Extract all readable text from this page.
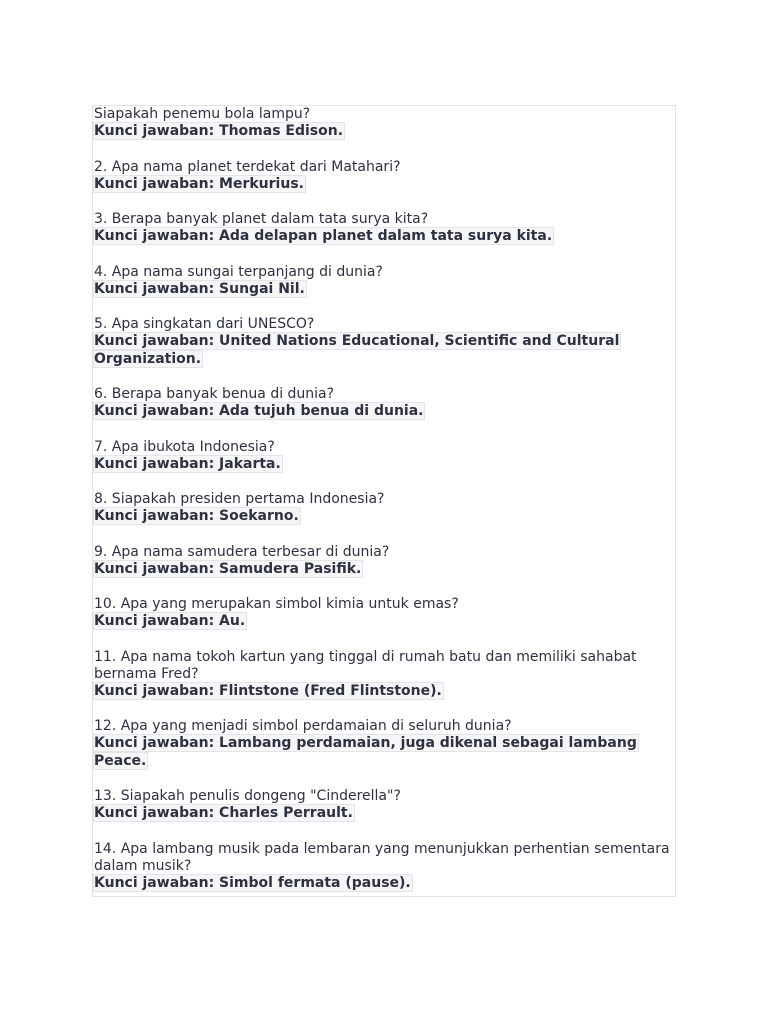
Siapakah penemu bola lampu?
Kunci jawaban: Thomas Edison.
2. Apa nama planet terdekat dari Matahari?
Kunci jawaban: Merkurius.
3. Berapa banyak planet dalam tata surya kita?
Kunci jawaban: Ada delapan planet dalam tata surya kita.
4. Apa nama sungai terpanjang di dunia?
Kunci jawaban: Sungai Nil.
5. Apa singkatan dari UNESCO?
Kunci jawaban: United Nations Educational, Scientific and Cultural Organization.
6. Berapa banyak benua di dunia?
Kunci jawaban: Ada tujuh benua di dunia.
7. Apa ibukota Indonesia?
Kunci jawaban: Jakarta.
8. Siapakah presiden pertama Indonesia?
Kunci jawaban: Soekarno.
9. Apa nama samudera terbesar di dunia?
Kunci jawaban: Samudera Pasifik.
10. Apa yang merupakan simbol kimia untuk emas?
Kunci jawaban: Au.
11. Apa nama tokoh kartun yang tinggal di rumah batu dan memiliki sahabat bernama Fred?
Kunci jawaban: Flintstone (Fred Flintstone).
12. Apa yang menjadi simbol perdamaian di seluruh dunia?
Kunci jawaban: Lambang perdamaian, juga dikenal sebagai lambang Peace.
13. Siapakah penulis dongeng "Cinderella"?
Kunci jawaban: Charles Perrault.
14. Apa lambang musik pada lembaran yang menunjukkan perhentian sementara dalam musik?
Kunci jawaban: Simbol fermata (pause).
